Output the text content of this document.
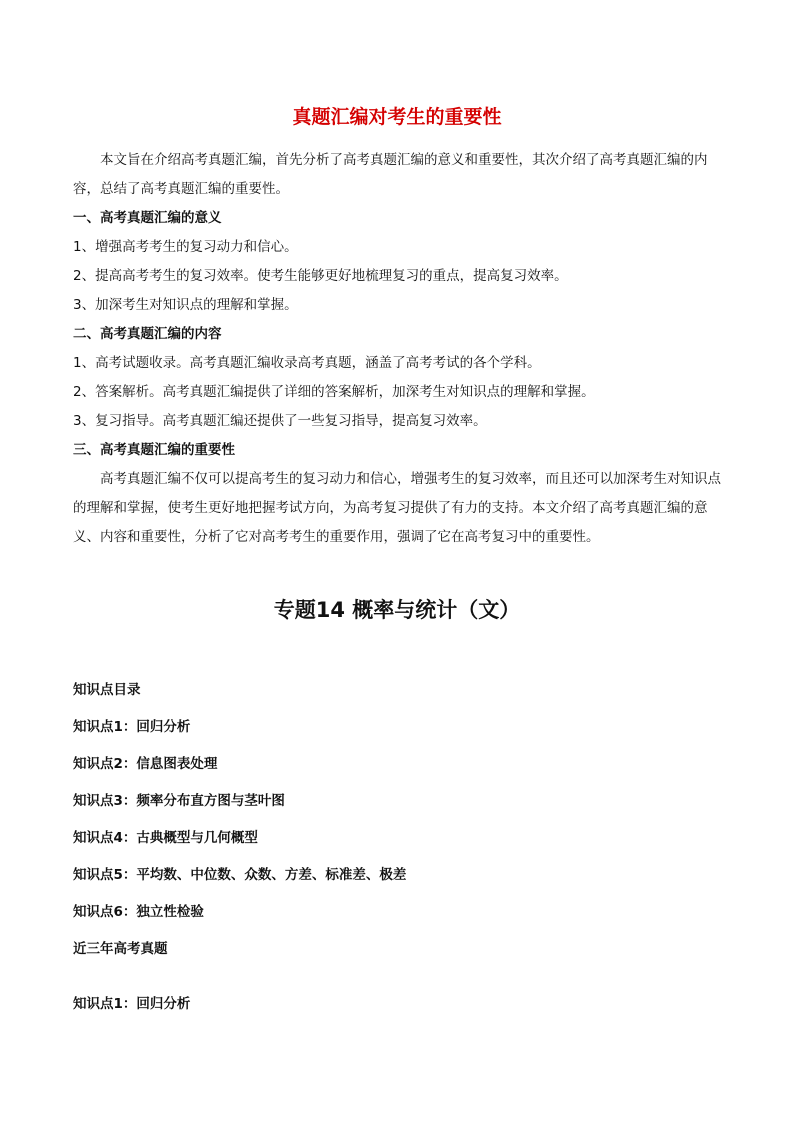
真题汇编对考生的重要性

本文旨在介绍高考真题汇编，首先分析了高考真题汇编的意义和重要性，其次介绍了高考真题汇编的内容，总结了高考真题汇编的重要性。

一、高考真题汇编的意义

1、增强高考考生的复习动力和信心。

2、提高高考考生的复习效率。使考生能够更好地梳理复习的重点，提高复习效率。

3、加深考生对知识点的理解和掌握。

二、高考真题汇编的内容

1、高考试题收录。高考真题汇编收录高考真题，涵盖了高考考试的各个学科。

2、答案解析。高考真题汇编提供了详细的答案解析，加深考生对知识点的理解和掌握。

3、复习指导。高考真题汇编还提供了一些复习指导，提高复习效率。

三、高考真题汇编的重要性

高考真题汇编不仅可以提高考生的复习动力和信心，增强考生的复习效率，而且还可以加深考生对知识点的理解和掌握，使考生更好地把握考试方向，为高考复习提供了有力的支持。本文介绍了高考真题汇编的意义、内容和重要性，分析了它对高考考生的重要作用，强调了它在高考复习中的重要性。

专题14 概率与统计（文）

知识点目录

知识点1：回归分析

知识点2：信息图表处理

知识点3：频率分布直方图与茎叶图

知识点4：古典概型与几何概型

知识点5：平均数、中位数、众数、方差、标准差、极差

知识点6：独立性检验

近三年高考真题

知识点1：回归分析
